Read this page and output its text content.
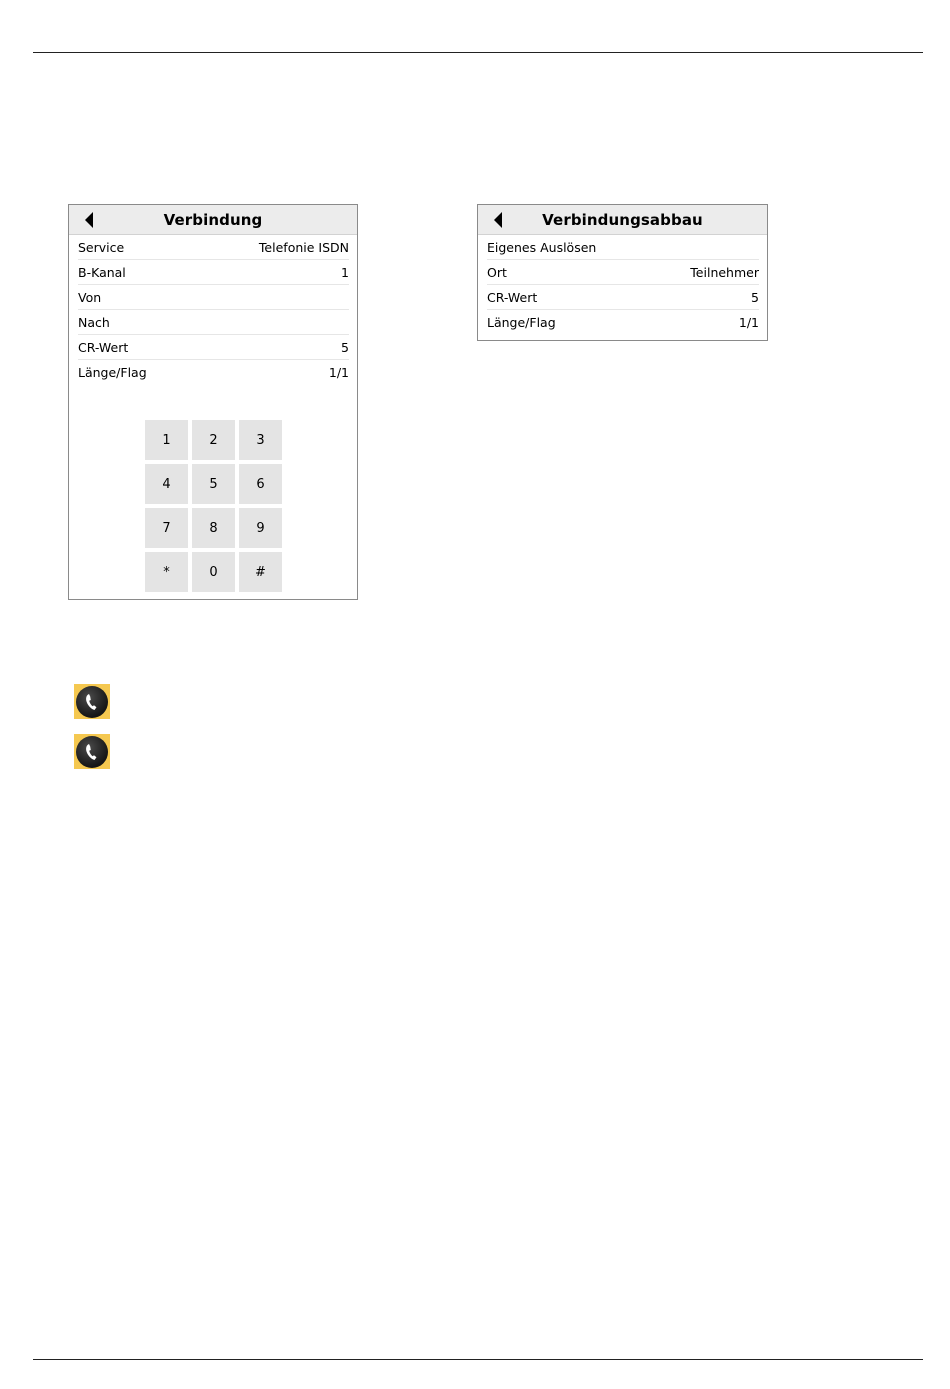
Verbindung
Service	Telefonie ISDN
B-Kanal	1
Von
Nach
CR-Wert	5
Länge/Flag	1/1
1	2	3
4	5	6
7	8	9
*	0	#
Verbindungsabbau
Eigenes Auslösen
Ort	Teilnehmer
CR-Wert	5
Länge/Flag	1/1
